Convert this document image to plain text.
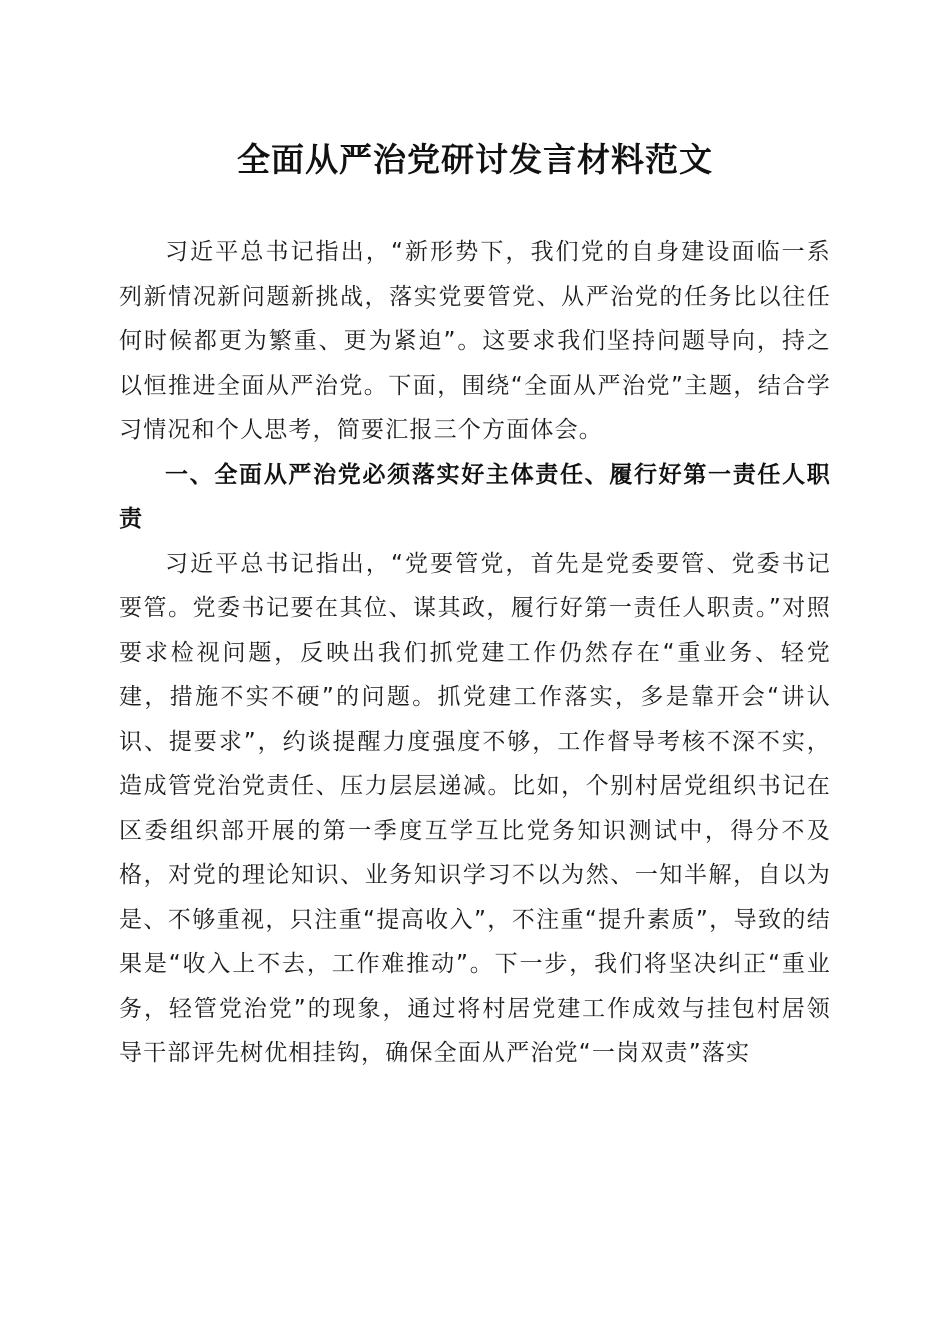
全面从严治党研讨发言材料范文

习近平总书记指出，“新形势下，我们党的自身建设面临一系列新情况新问题新挑战，落实党要管党、从严治党的任务比以往任何时候都更为繁重、更为紧迫”。这要求我们坚持问题导向，持之以恒推进全面从严治党。下面，围绕“全面从严治党”主题，结合学习情况和个人思考，简要汇报三个方面体会。

一、全面从严治党必须落实好主体责任、履行好第一责任人职责

习近平总书记指出，“党要管党，首先是党委要管、党委书记要管。党委书记要在其位、谋其政，履行好第一责任人职责。”对照要求检视问题，反映出我们抓党建工作仍然存在“重业务、轻党建，措施不实不硬”的问题。抓党建工作落实，多是靠开会“讲认识、提要求”，约谈提醒力度强度不够，工作督导考核不深不实，造成管党治党责任、压力层层递减。比如，个别村居党组织书记在区委组织部开展的第一季度互学互比党务知识测试中，得分不及格，对党的理论知识、业务知识学习不以为然、一知半解，自以为是、不够重视，只注重“提高收入”，不注重“提升素质”，导致的结果是“收入上不去，工作难推动”。下一步，我们将坚决纠正“重业务，轻管党治党”的现象，通过将村居党建工作成效与挂包村居领导干部评先树优相挂钩，确保全面从严治党“一岗双责”落实
